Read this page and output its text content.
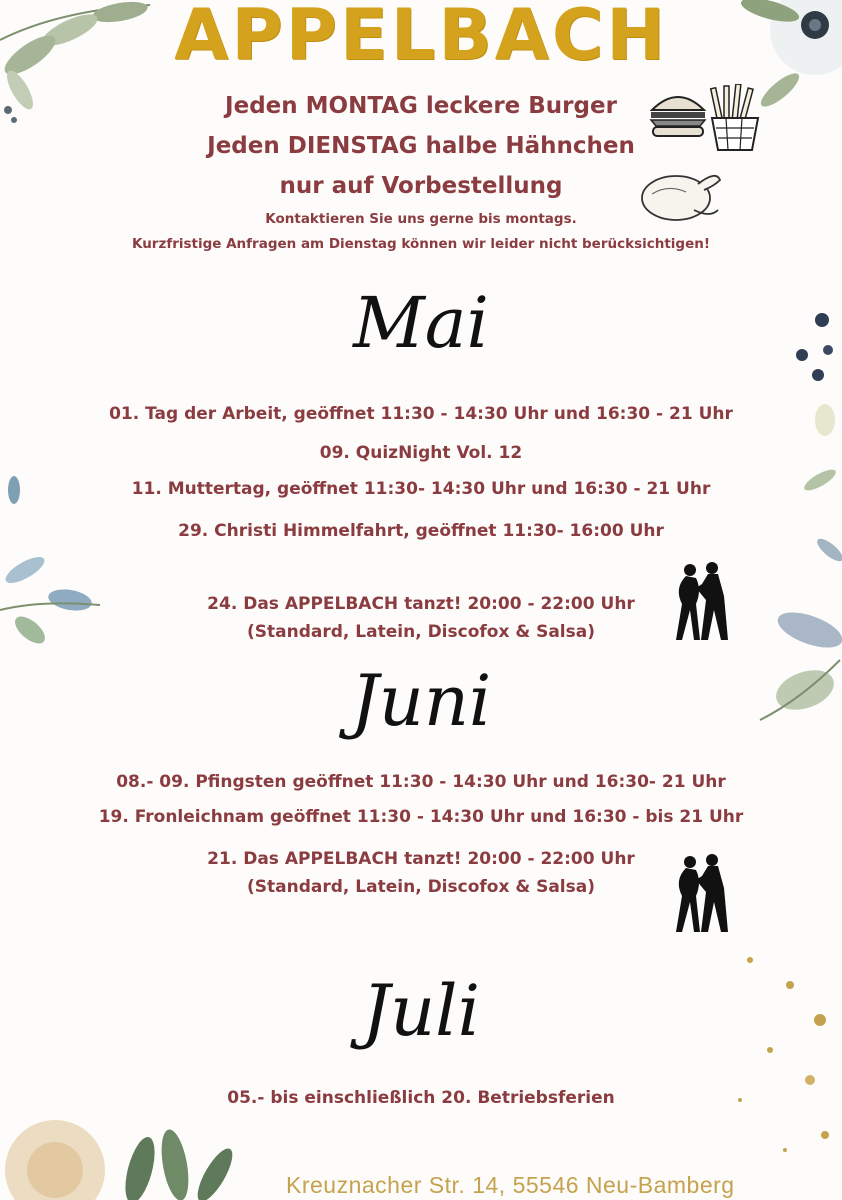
APPELBACH
Jeden MONTAG leckere Burger
Jeden DIENSTAG halbe Hähnchen
nur auf Vorbestellung
Kontaktieren Sie uns gerne bis montags.
Kurzfristige Anfragen am Dienstag können wir leider nicht berücksichtigen!
Mai
01. Tag der Arbeit, geöffnet 11:30 - 14:30 Uhr und 16:30 - 21 Uhr
09. QuizNight Vol. 12
11. Muttertag, geöffnet 11:30- 14:30 Uhr und 16:30 - 21 Uhr
29. Christi Himmelfahrt, geöffnet 11:30- 16:00 Uhr
24. Das APPELBACH tanzt! 20:00 - 22:00 Uhr
(Standard, Latein, Discofox & Salsa)
Juni
08.- 09. Pfingsten geöffnet 11:30 - 14:30 Uhr und 16:30- 21 Uhr
19. Fronleichnam geöffnet 11:30 - 14:30 Uhr und 16:30 - bis 21 Uhr
21. Das APPELBACH tanzt! 20:00 - 22:00 Uhr
(Standard, Latein, Discofox & Salsa)
Juli
05.- bis einschließlich 20. Betriebsferien
Kreuznacher Str. 14, 55546 Neu-Bamberg
